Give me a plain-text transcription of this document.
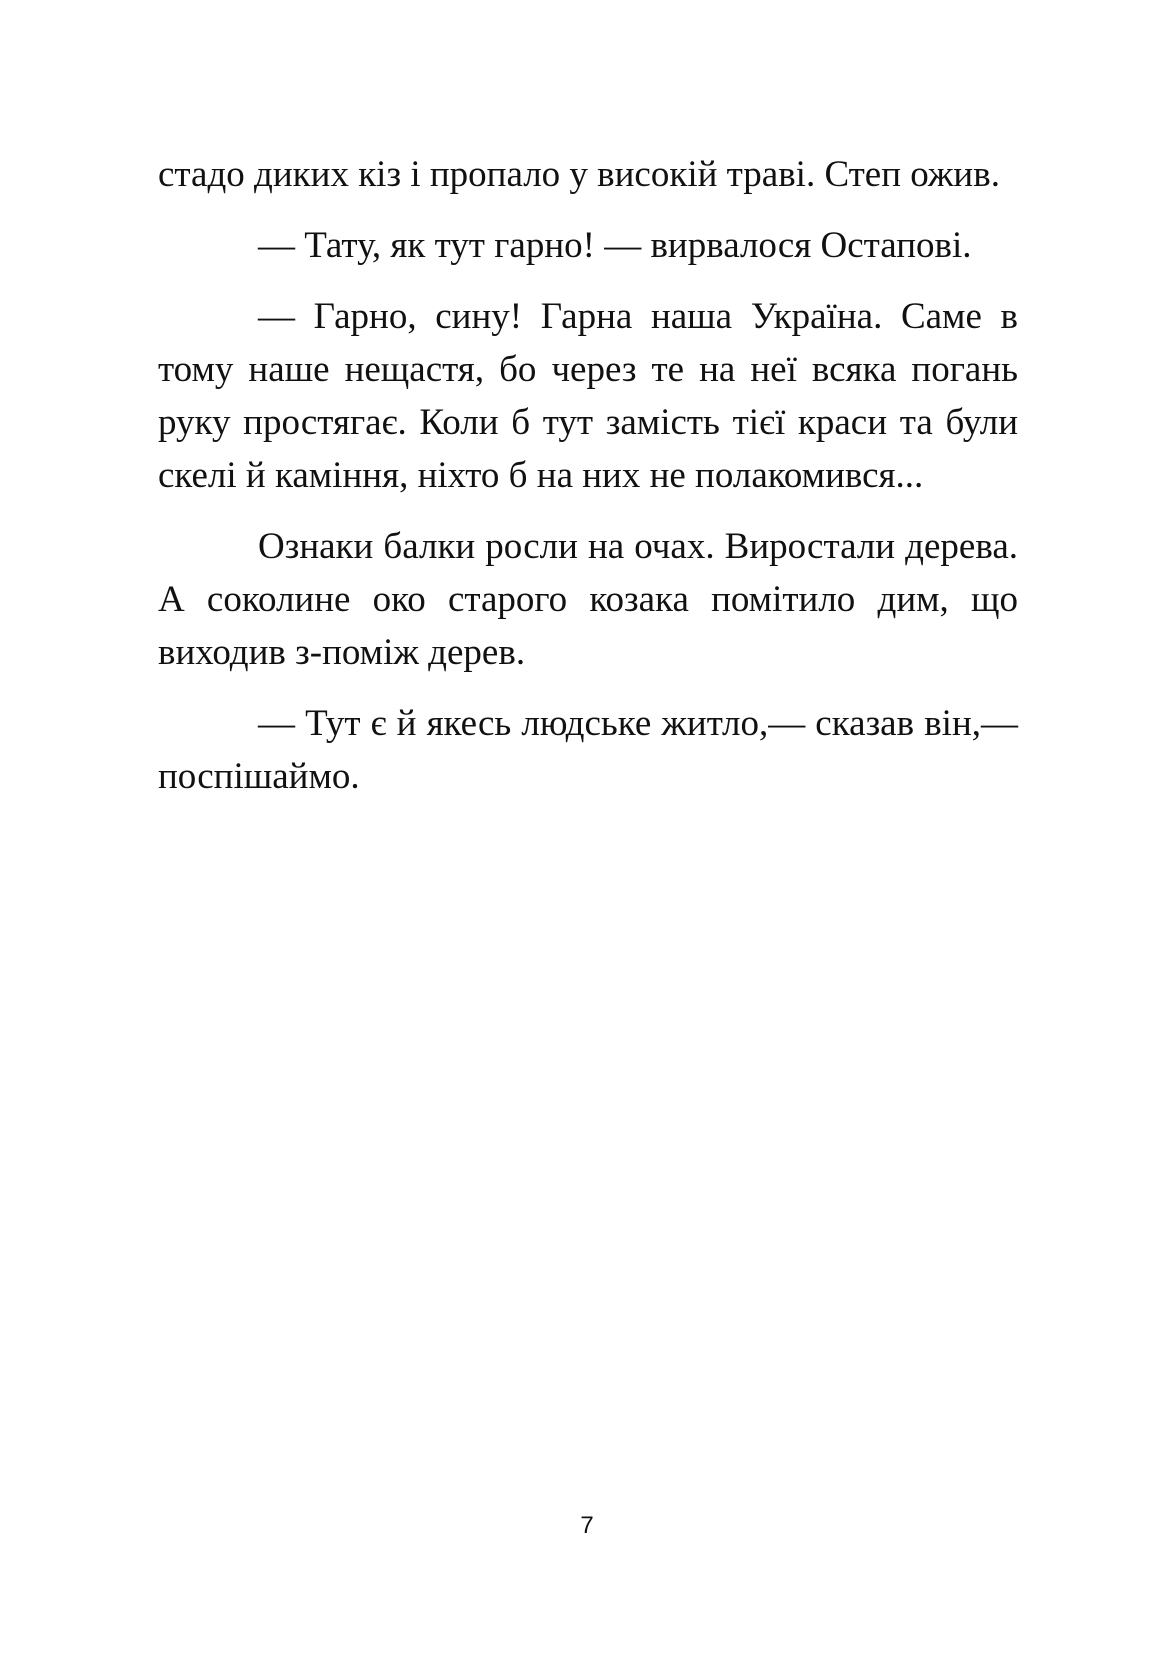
стадо диких кіз і пропало у високій траві. Степ ожив.

— Тату, як тут гарно! — вирвалося Остапові.

— Гарно, сину! Гарна наша Україна. Саме в тому наше нещастя, бо через те на неї всяка погань руку простягає. Коли б тут замість тієї краси та були скелі й каміння, ніхто б на них не полакомився...

Ознаки балки росли на очах. Виростали дерева. А соколине око старого козака помітило дим, що виходив з-поміж дерев.

— Тут є й якесь людське житло,— сказав він,— поспішаймо.

7
